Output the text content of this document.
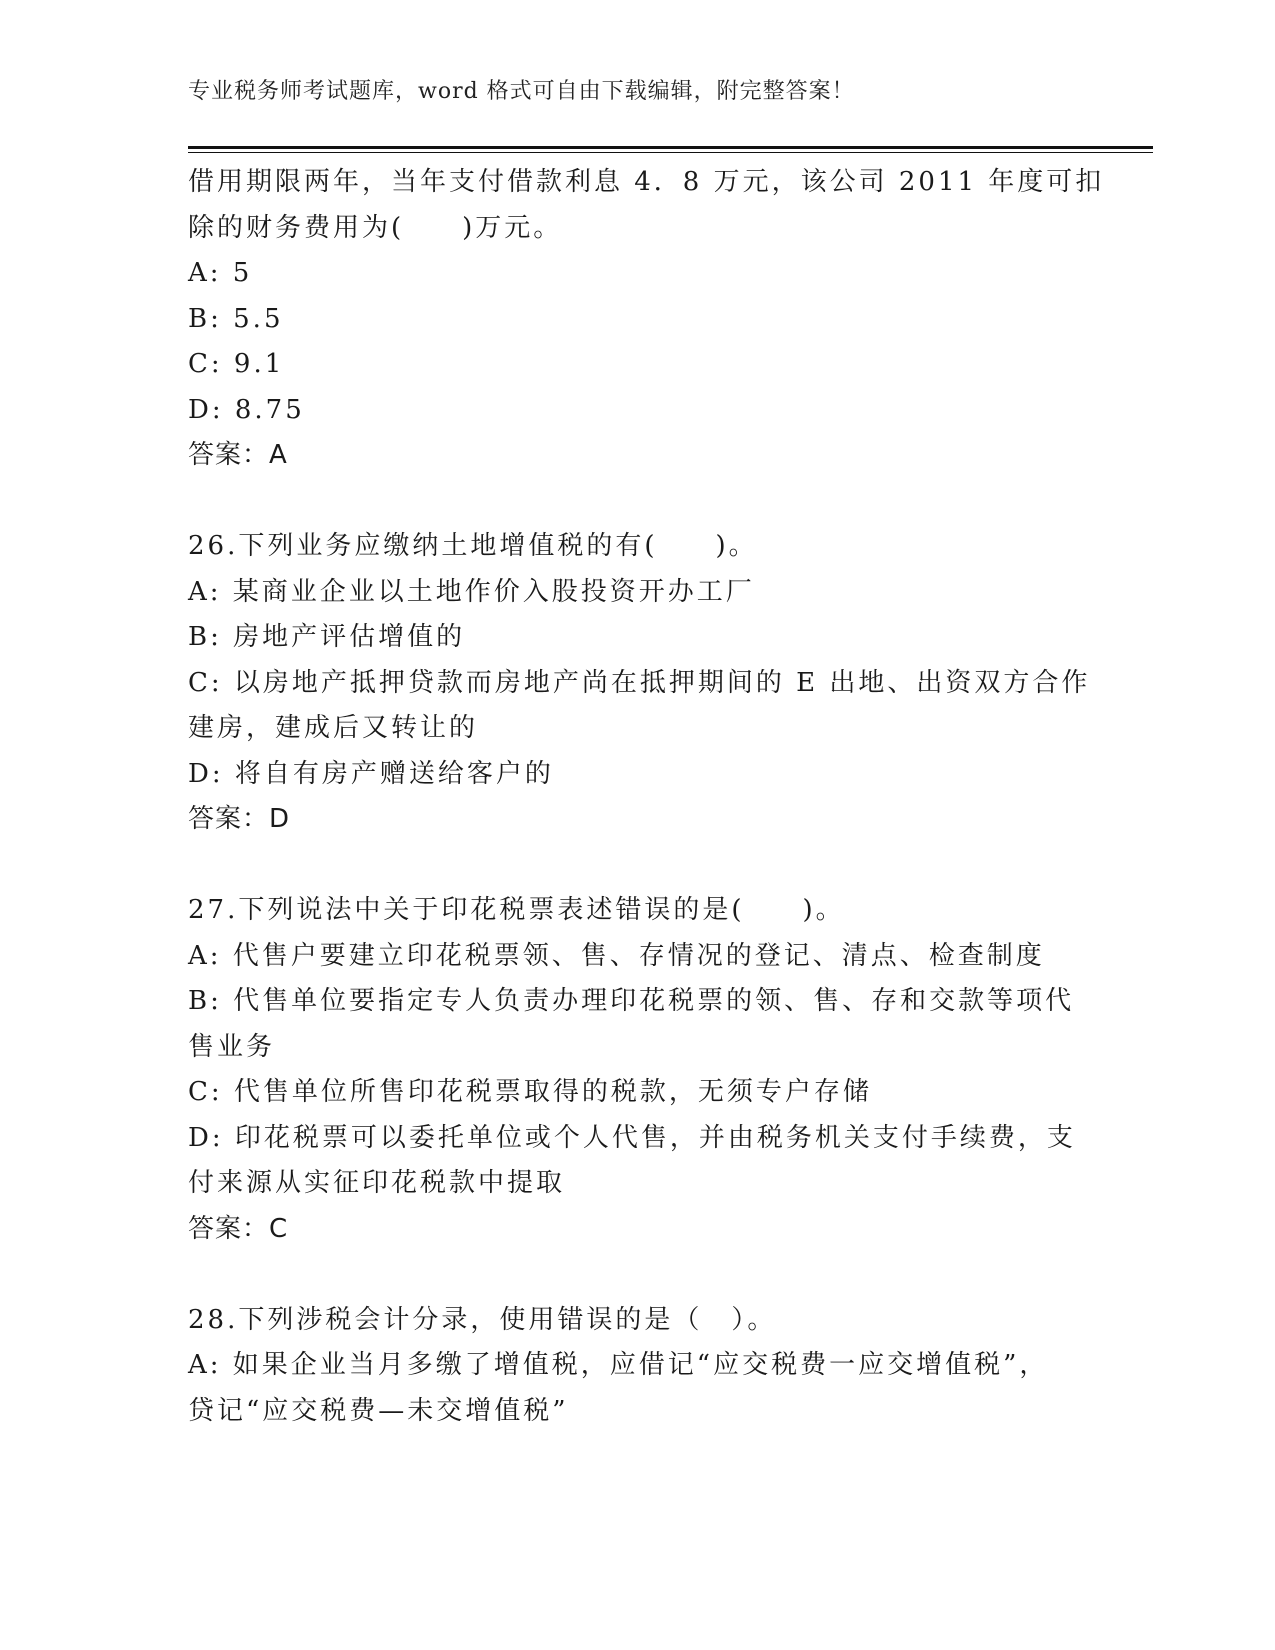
专业税务师考试题库，word 格式可自由下载编辑，附完整答案！
借用期限两年，当年支付借款利息 4．8 万元，该公司 2011 年度可扣
除的财务费用为(　　)万元。
A: 5
B: 5.5
C: 9.1
D: 8.75
答案：A
26.下列业务应缴纳土地增值税的有(　　)。
A: 某商业企业以土地作价入股投资开办工厂
B: 房地产评估增值的
C: 以房地产抵押贷款而房地产尚在抵押期间的 E 出地、出资双方合作
建房，建成后又转让的
D: 将自有房产赠送给客户的
答案：D
27.下列说法中关于印花税票表述错误的是(　　)。
A: 代售户要建立印花税票领、售、存情况的登记、清点、检查制度
B: 代售单位要指定专人负责办理印花税票的领、售、存和交款等项代
售业务
C: 代售单位所售印花税票取得的税款，无须专户存储
D: 印花税票可以委托单位或个人代售，并由税务机关支付手续费，支
付来源从实征印花税款中提取
答案：C
28.下列涉税会计分录，使用错误的是（　）。
A: 如果企业当月多缴了增值税，应借记“应交税费一应交增值税”，
贷记“应交税费—未交增值税”
